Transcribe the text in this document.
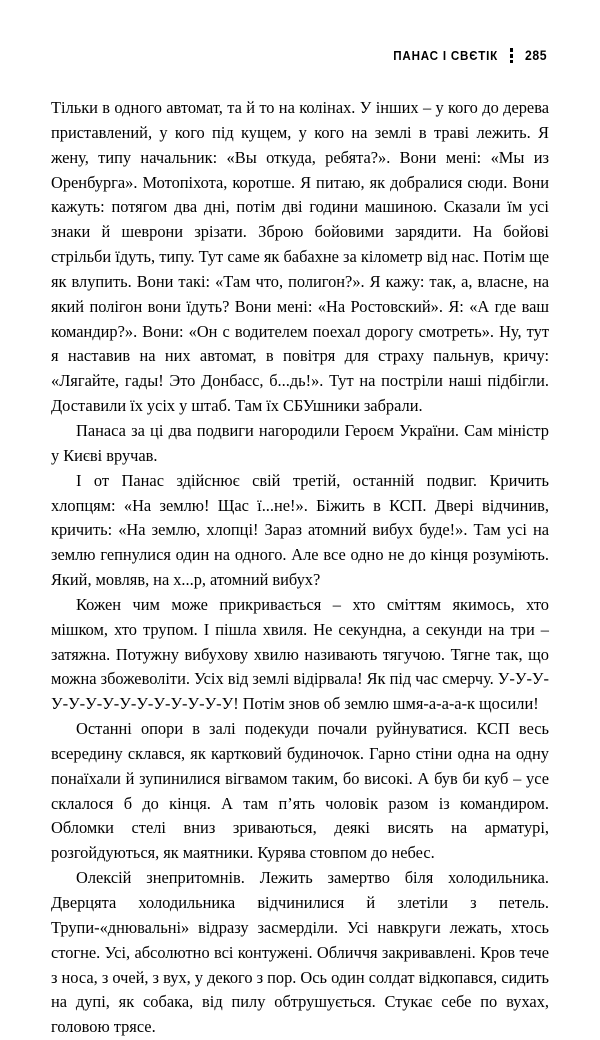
ПАНАС І СВЄТІК 285

Тільки в одного автомат, та й то на колінах. У інших – у кого до дерева приставлений, у кого під кущем, у кого на землі в траві лежить. Я жену, типу начальник: «Вы откуда, ребята?». Вони мені: «Мы из Оренбурга». Мотопіхота, коротше. Я питаю, як добралися сюди. Вони кажуть: потягом два дні, потім дві години машиною. Сказали їм усі знаки й шеврони зрізати. Зброю бойовими зарядити. На бойові стрільби їдуть, типу. Тут саме як бабахне за кілометр від нас. Потім ще як влупить. Вони такі: «Там что, полигон?». Я кажу: так, а, власне, на який полігон вони їдуть? Вони мені: «На Ростовский». Я: «А где ваш командир?». Вони: «Он с водителем поехал дорогу смотреть». Ну, тут я наставив на них автомат, в повітря для страху пальнув, кричу: «Лягайте, гады! Это Донбасс, б...дь!». Тут на постріли наші підбігли. Доставили їх усіх у штаб. Там їх СБУшники забрали.

Панаса за ці два подвиги нагородили Героєм України. Сам міністр у Києві вручав.

І от Панас здійснює свій третій, останній подвиг. Кричить хлопцям: «На землю! Щас ї...не!». Біжить в КСП. Двері відчинив, кричить: «На землю, хлопці! Зараз атомний вибух буде!». Там усі на землю гепнулися один на одного. Але все одно не до кінця розуміють. Який, мовляв, на х...р, атомний вибух?

Кожен чим може прикривається – хто сміттям якимось, хто мішком, хто трупом. І пішла хвиля. Не секундна, а секунди на три – затяжна. Потужну вибухову хвилю називають тягучою. Тягне так, що можна збожеволіти. Усіх від землі відірвала! Як під час смерчу. У-У-У-У-У-У-У-У-У-У-У-У-У-У! Потім знов об землю шмя-а-а-а-к щосили!

Останні опори в залі подекуди почали руйнуватися. КСП весь всередину склався, як картковий будиночок. Гарно стіни одна на одну понаїхали й зупинилися вігвамом таким, бо високі. А був би куб – усе склалося б до кінця. А там п’ять чоловік разом із командиром. Обломки стелі вниз зриваються, деякі висять на арматурі, розгойдуються, як маятники. Курява стовпом до небес.

Олексій знепритомнів. Лежить замертво біля холодильника. Дверцята холодильника відчинилися й злетіли з петель. Трупи-«днювальні» відразу засмерділи. Усі навкруги лежать, хтось стогне. Усі, абсолютно всі контужені. Обличчя закривавлені. Кров тече з носа, з очей, з вух, у декого з пор. Ось один солдат відкопався, сидить на дупі, як собака, від пилу обтрушується. Стукає себе по вухах, головою трясе.
